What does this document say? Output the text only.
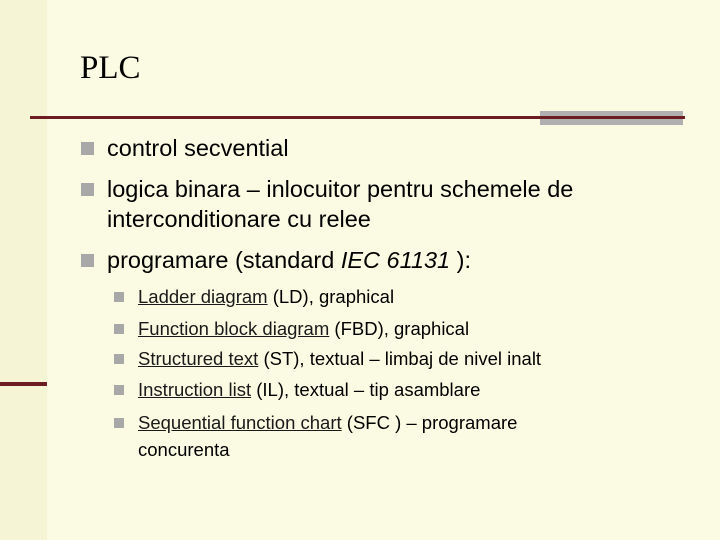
PLC
control secvential
logica binara – inlocuitor pentru schemele de
interconditionare cu relee
programare (standard IEC 61131 ):
Ladder diagram (LD), graphical
Function block diagram (FBD), graphical
Structured text (ST), textual – limbaj de nivel inalt
Instruction list (IL), textual – tip asamblare
Sequential function chart (SFC ) – programare
concurenta
